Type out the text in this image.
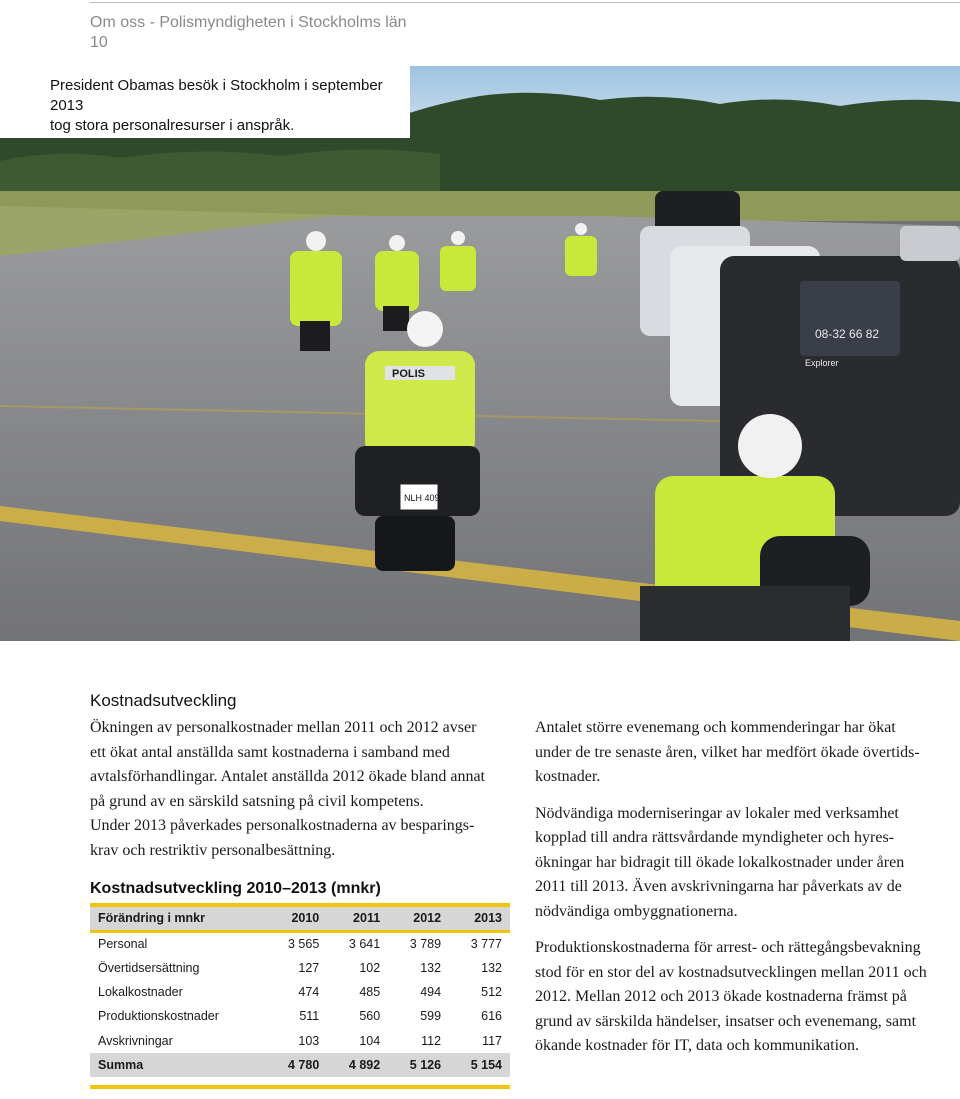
Om oss - Polismyndigheten i Stockholms län
10
08-32 66 82
Explorer
POLIS
NLH 409
President Obamas besök i Stockholm i september 2013
tog stora personalresurser i anspråk.
Kostnadsutveckling

Ökningen av personalkostnader mellan 2011 och 2012 avser
ett ökat antal anställda samt kostnaderna i samband med
avtalsförhandlingar. Antalet anställda 2012 ökade bland annat
på grund av en särskild satsning på civil kompetens.

Under 2013 påverkades personalkostnaderna av besparings-
krav och restriktiv personalbesättning.

Kostnadsutveckling 2010–2013 (mnkr)
Förändring i mnkr	2010	2011	2012	2013
Personal	3 565	3 641	3 789	3 777
Övertidsersättning	127	102	132	132
Lokalkostnader	474	485	494	512
Produktionskostnader	511	560	599	616
Avskrivningar	103	104	112	117
Summa	4 780	4 892	5 126	5 154

Antalet större evenemang och kommenderingar har ökat
under de tre senaste åren, vilket har medfört ökade övertids-
kostnader.

Nödvändiga moderniseringar av lokaler med verksamhet
kopplad till andra rättsvårdande myndigheter och hyres-
ökningar har bidragit till ökade lokalkostnader under åren
2011 till 2013. Även avskrivningarna har påverkats av de
nödvändiga ombyggnationerna.

Produktionskostnaderna för arrest- och rättegångsbevakning
stod för en stor del av kostnadsutvecklingen mellan 2011 och
2012. Mellan 2012 och 2013 ökade kostnaderna främst på
grund av särskilda händelser, insatser och evenemang, samt
ökande kostnader för IT, data och kommunikation.
